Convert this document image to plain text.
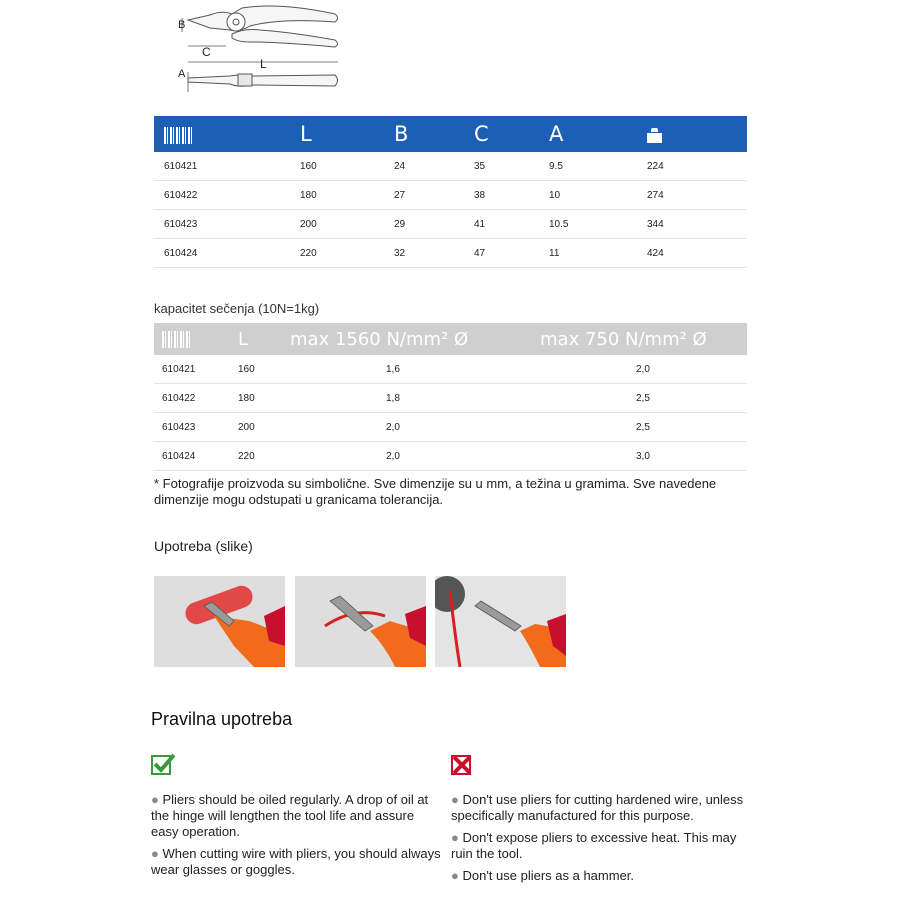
B
C
L
A
	L	B	C	A	
610421	160	24	35	9.5	224
610422	180	27	38	10	274
610423	200	29	41	10.5	344
610424	220	32	47	11	424
kapacitet sečenja (10N=1kg)
	L	max 1560 N/mm² Ø	max 750 N/mm² Ø
610421	160	1,6	2,0
610422	180	1,8	2,5
610423	200	2,0	2,5
610424	220	2,0	3,0
* Fotografije proizvoda su simbolične. Sve dimenzije su u mm, a težina u gramima. Sve navedene dimenzije mogu odstupati u granicama tolerancija.
Upotreba (slike)
Pravilna upotreba

● Pliers should be oiled regularly. A drop of oil at the hinge will lengthen the tool life and assure easy operation.

● When cutting wire with pliers, you should always wear glasses or goggles.

● Don't use pliers for cutting hardened wire, unless specifically manufactured for this purpose.

● Don't expose pliers to excessive heat. This may ruin the tool.

● Don't use pliers as a hammer.
